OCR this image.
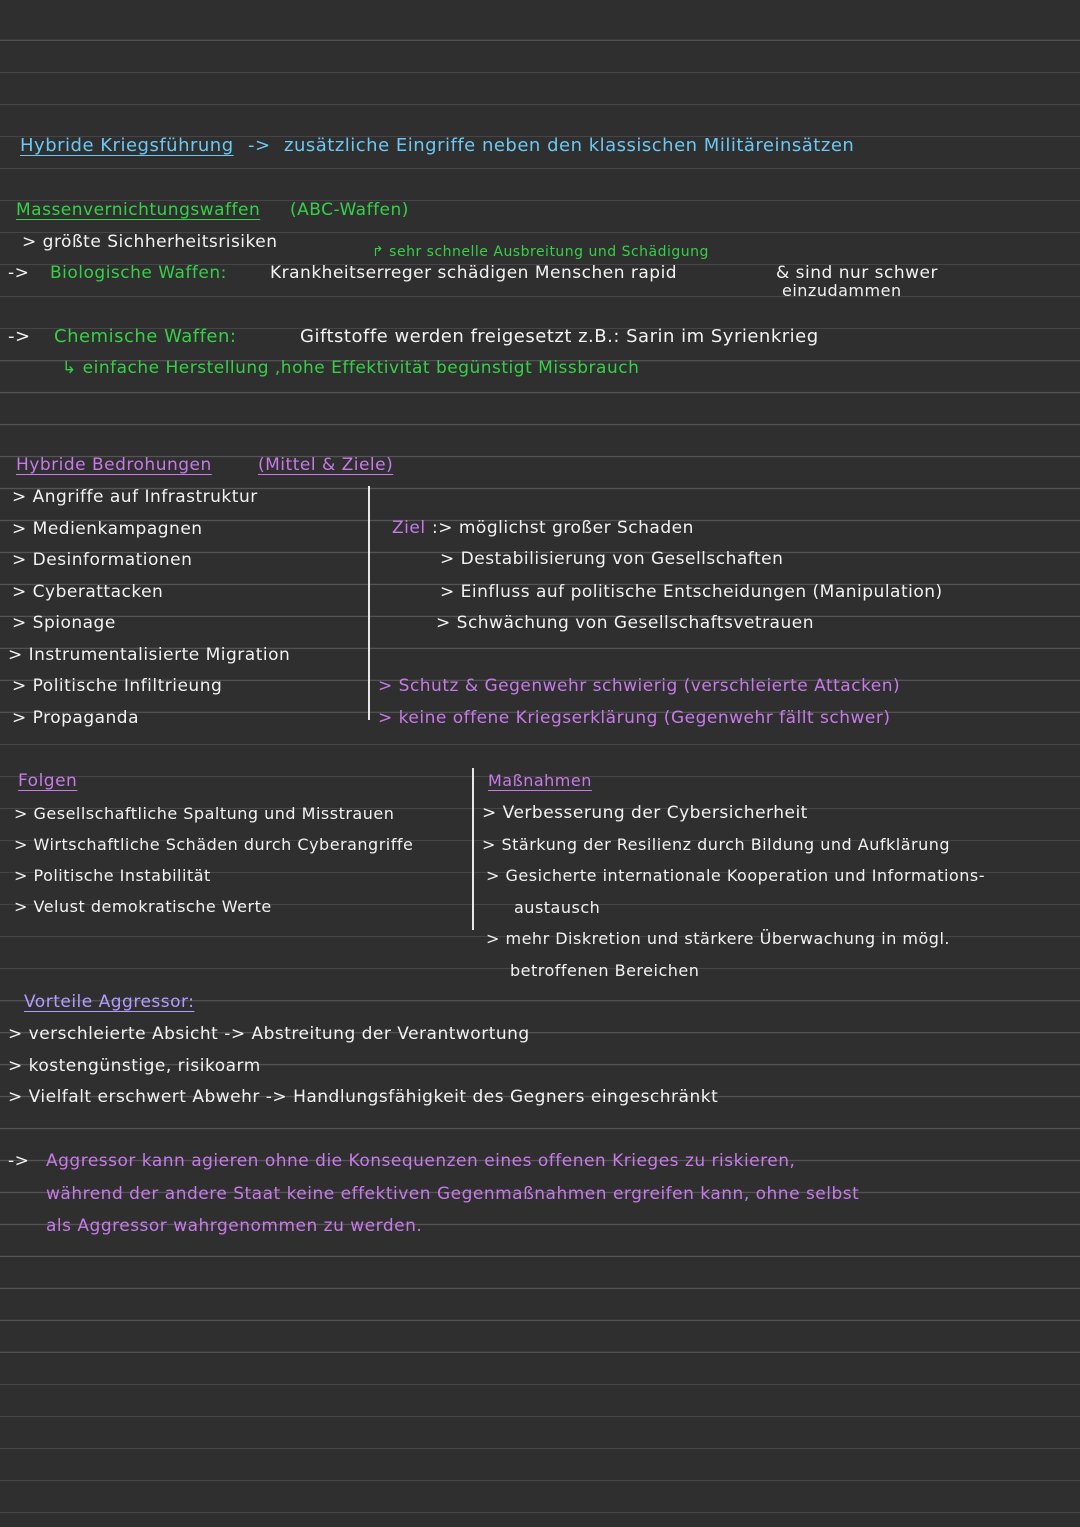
Hybride Kriegsführung -> zusätzliche Eingriffe neben den klassischen Militäreinsätzen
Massenvernichtungswaffen (ABC-Waffen)
> größte Sichherheitsrisiken	↱ sehr schnelle Ausbreitung und Schädigung
-> Biologische Waffen:	Krankheitserreger schädigen Menschen rapid	& sind nur schwer
einzudammen
-> Chemische Waffen:	Giftstoffe werden freigesetzt z.B.: Sarin im Syrienkrieg
↳ einfache Herstellung ,hohe Effektivität begünstigt Missbrauch
Hybride Bedrohungen	(Mittel & Ziele)
> Angriffe auf Infrastruktur
> Medienkampagnen
> Desinformationen
> Cyberattacken
> Spionage
> Instrumentalisierte Migration
> Politische Infiltrieung
> Propaganda
Ziel :> möglichst großer Schaden
> Destabilisierung von Gesellschaften
> Einfluss auf politische Entscheidungen (Manipulation)
> Schwächung von Gesellschaftsvetrauen
> Schutz & Gegenwehr schwierig (verschleierte Attacken)
> keine offene Kriegserklärung (Gegenwehr fällt schwer)
Folgen
> Gesellschaftliche Spaltung und Misstrauen
> Wirtschaftliche Schäden durch Cyberangriffe
> Politische Instabilität
> Velust demokratische Werte
Maßnahmen
> Verbesserung der Cybersicherheit
> Stärkung der Resilienz durch Bildung und Aufklärung
> Gesicherte internationale Kooperation und Informations-
austausch
> mehr Diskretion und stärkere Überwachung in mögl.
betroffenen Bereichen
Vorteile Aggressor:
> verschleierte Absicht -> Abstreitung der Verantwortung
> kostengünstige, risikoarm
> Vielfalt erschwert Abwehr -> Handlungsfähigkeit des Gegners eingeschränkt
-> Aggressor kann agieren ohne die Konsequenzen eines offenen Krieges zu riskieren,
während der andere Staat keine effektiven Gegenmaßnahmen ergreifen kann, ohne selbst
als Aggressor wahrgenommen zu werden.
